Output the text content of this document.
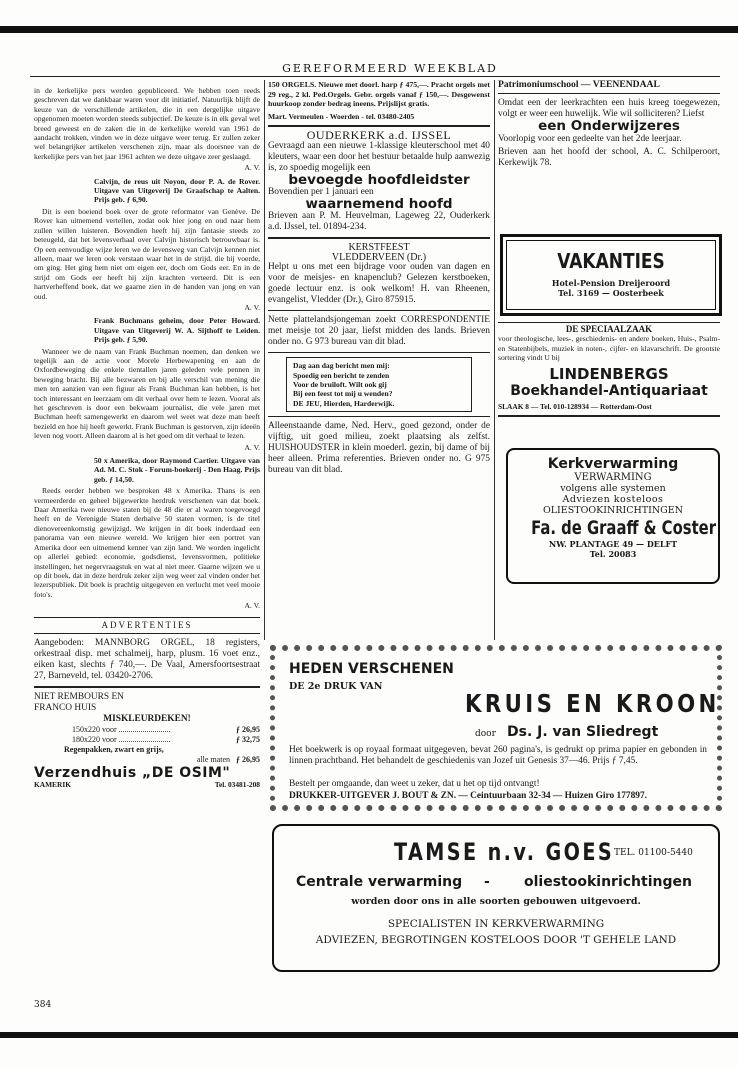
GEREFORMEERD WEEKBLAD

in de kerkelijke pers werden gepubliceerd. We hebben toen reeds geschreven dat we dankbaar waren voor dit initiatief. Natuurlijk blijft de keuze van de verschillende artikelen, die in een dergelijke uitgave opgenomen moeten worden steeds subjectief. De keuze is in elk geval wel breed geweest en de zaken die in de kerkelijke wereld van 1961 de aandacht trokken, vinden we in deze uitgave weer terug. Er zullen zeker wel belangrijker artikelen verschenen zijn, maar als doorsnee van de kerkelijke pers van het jaar 1961 achten we deze uitgave zeer geslaagd.

A. V.

Calvijn, de reus uit Noyon, door P. A. de Rover. Uitgave van Uitgeverij De Graafschap te Aalten. Prijs geb. ƒ 6,90.

Dit is een boeiend boek over de grote reformator van Genève. De Rover kan uitnemend vertellen, zodat ook hier jong en oud naar hem zullen willen luisteren. Bovendien heeft hij zijn fantasie steeds zo beteugeld, dat het levensverhaal over Calvijn historisch betrouwbaar is. Op een eenvoudige wijze leren we de levensweg van Calvijn kennen niet alleen, maar we leren ook verstaan waar het in de strijd, die hij voerde, om ging. Het ging hem niet om eigen eer, doch om Gods eer. En in de strijd om Gods eer heeft hij zijn krachten verteerd. Dit is een hartverheffend boek, dat we gaarne zien in de handen van jong en van oud.

A. V.

Frank Buchmans geheim, door Peter Howard. Uitgave van Uitgeverij W. A. Sijthoff te Leiden. Prijs geb. ƒ 5,90.

Wanneer we de naam van Frank Buchman noemen, dan denken we tegelijk aan de actie voor Morele Herbewapening en aan de Oxfordbeweging die enkele tientallen jaren geleden vele pennen in beweging bracht. Bij alle bezwaren en bij alle verschil van mening die men ten aanzien van een figuur als Frank Buchman kan hebben, is het toch interessant en leerzaam om dit verhaal over hem te lezen. Vooral als het geschreven is door een bekwaam journalist, die vele jaren met Buchman heeft samengewerkt en daarom wel weet wat deze man heeft bezield en hoe hij heeft gewerkt. Frank Buchman is gestorven, zijn ideeën leven nog voort. Alleen daarom al is het goed om dit verhaal te lezen.

A. V.

50 x Amerika, door Raymond Cartier. Uitgave van Ad. M. C. Stok - Forum-boekerij - Den Haag. Prijs geb. ƒ 14,50.

Reeds eerder hebben we besproken 48 x Amerika. Thans is een vermeerderde en geheel bijgewerkte herdruk verschenen van dat boek. Daar Amerika twee nieuwe staten bij de 48 die er al waren toegevoegd heeft en de Verenigde Staten derhalve 50 staten vormen, is de titel dienovereenkomstig gewijzigd. We krijgen in dit boek inderdaad een panorama van een nieuwe wereld. We krijgen hier een portret van Amerika door een uitnemend kenner van zijn land. We worden ingelicht op allerlei gebied: economie, godsdienst, levensvormen, politieke instellingen, het negervraagstuk en wat al niet meer. Gaarne wijzen we u op dit boek, dat in deze herdruk zeker zijn weg weer zal vinden onder het lezerspubliek. Dit boek is prachtig uitgegeven en verlucht met veel mooie foto's.

A. V.

ADVERTENTIES

Aangeboden: MANNBORG ORGEL, 18 registers, orkestraal disp. met schalmeij, harp, plusm. 16 voet enz., eiken kast, slechts ƒ 740,—. De Vaal, Amersfoortsestraat 27, Barneveld, tel. 03420-2706.

NIET REMBOURS EN
FRANCO HUIS
MISKLEURDEKEN!
150x220 voor ..........................	ƒ 26,95
180x220 voor ..........................	ƒ 32,75
Regenpakken, zwart en grijs,
alle maten ƒ 26,95
Verzendhuis „DE OSIM"
KAMERIK	Tel. 03481-208

150 ORGELS. Nieuwe met doorl. harp ƒ 475,—. Pracht orgels met 29 reg., 2 kl. Ped.Orgels. Gebr. orgels vanaf ƒ 150,—. Desgewenst huurkoop zonder bedrag ineens. Prijslijst gratis.

Mart. Vermeulen - Woerden - tel. 03480-2405

OUDERKERK a.d. IJSSEL

Gevraagd aan een nieuwe 1-klassige kleuterschool met 40 kleuters, waar een door het bestuur betaalde hulp aanwezig is, zo spoedig mogelijk een

bevoegde hoofdleidster
Bovendien per 1 januari een
waarnemend hoofd

Brieven aan P. M. Heuvelman, Lageweg 22, Ouderkerk a.d. IJssel, tel. 01894-234.

KERSTFEEST
VLEDDERVEEN (Dr.)

Helpt u ons met een bijdrage voor ouden van dagen en voor de meisjes- en knapenclub? Gelezen kerstboeken, goede lectuur enz. is ook welkom! H. van Rheenen, evangelist, Vledder (Dr.), Giro 875915.

Nette plattelandsjongeman zoekt CORRESPONDENTIE met meisje tot 20 jaar, liefst midden des lands. Brieven onder no. G 973 bureau van dit blad.

Dag aan dag bericht men mij:
Spoedig een bericht te zenden
Voor de bruiloft. Wilt ook gij
Bij een feest tot mij u wenden?
DE JEU, Hierden, Harderwijk.

Alleenstaande dame, Ned. Herv., goed gezond, onder de vijftig, uit goed milieu, zoekt plaatsing als zelfst. HUISHOUDSTER in klein moederl. gezin, bij dame of bij heer alleen. Prima referenties. Brieven onder no. G 975 bureau van dit blad.

Patrimoniumschool — VEENENDAAL

Omdat een der leerkrachten een huis kreeg toegewezen, volgt er weer een huwelijk. Wie wil solliciteren? Liefst

een Onderwijzeres

Voorlopig voor een gedeelte van het 2de leerjaar.

Brieven aan het hoofd der school, A. C. Schilperoort, Kerkewijk 78.

VAKANTIES
Hotel-Pension Dreijeroord
Tel. 3169 — Oosterbeek
DE SPECIAALZAAK

voor theologische, lees-, geschiedenis- en andere boeken, Huis-, Psalm- en Statenbijbels, muziek in noten-, cijfer- en klavarschrift. De grootste sortering vindt U bij

LINDENBERGS
Boekhandel-Antiquariaat
SLAAK 8 — Tel. 010-128934 — Rotterdam-Oost
Kerkverwarming
VERWARMING
volgens alle systemen
Adviezen kosteloos
OLIESTOOKINRICHTINGEN
Fa. de Graaff & Coster
NW. PLANTAGE 49 — DELFT
Tel. 20083
HEDEN VERSCHENEN
DE 2e DRUK VAN
KRUIS EN KROON
door Ds. J. van Sliedregt
Het boekwerk is op royaal formaat uitgegeven, bevat 260 pagina's, is gedrukt op prima papier en gebonden in linnen prachtband. Het behandelt de geschiedenis van Jozef uit Genesis 37—46. Prijs ƒ 7,45.
Bestelt per omgaande, dan weet u zeker, dat u het op tijd ontvangt!
DRUKKER-UITGEVER J. BOUT & ZN. — Ceintuurbaan 32-34 — Huizen Giro 177897.
TAMSE n.v. GOES TEL. 01100-5440
Centrale verwarming - oliestookinrichtingen
worden door ons in alle soorten gebouwen uitgevoerd.
SPECIALISTEN IN KERKVERWARMING
ADVIEZEN, BEGROTINGEN KOSTELOOS DOOR 'T GEHELE LAND
384
